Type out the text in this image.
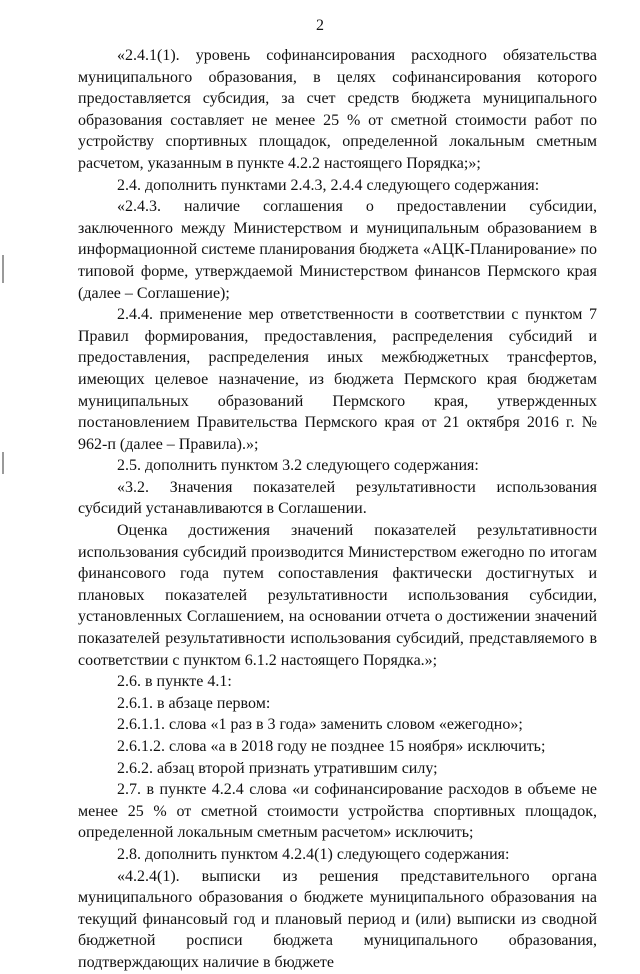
2

«2.4.1(1). уровень софинансирования расходного обязательства муниципального образования, в целях софинансирования которого предоставляется субсидия, за счет средств бюджета муниципального образования составляет не менее 25 % от сметной стоимости работ по устройству спортивных площадок, определенной локальным сметным расчетом, указанным в пункте 4.2.2 настоящего Порядка;»;

2.4. дополнить пунктами 2.4.3, 2.4.4 следующего содержания:

«2.4.3. наличие соглашения о предоставлении субсидии, заключенного между Министерством и муниципальным образованием в информационной системе планирования бюджета «АЦК-Планирование» по типовой форме, утверждаемой Министерством финансов Пермского края (далее – Соглашение);

2.4.4. применение мер ответственности в соответствии с пунктом 7 Правил формирования, предоставления, распределения субсидий и предоставления, распределения иных межбюджетных трансфертов, имеющих целевое назначение, из бюджета Пермского края бюджетам муниципальных образований Пермского края, утвержденных постановлением Правительства Пермского края от 21 октября 2016 г. № 962-п (далее – Правила).»;

2.5. дополнить пунктом 3.2 следующего содержания:

«3.2. Значения показателей результативности использования субсидий устанавливаются в Соглашении.

Оценка достижения значений показателей результативности использования субсидий производится Министерством ежегодно по итогам финансового года путем сопоставления фактически достигнутых и плановых показателей результативности использования субсидии, установленных Соглашением, на основании отчета о достижении значений показателей результативности использования субсидий, представляемого в соответствии с пунктом 6.1.2 настоящего Порядка.»;

2.6. в пункте 4.1:

2.6.1. в абзаце первом:

2.6.1.1. слова «1 раз в 3 года» заменить словом «ежегодно»;

2.6.1.2. слова «а в 2018 году не позднее 15 ноября» исключить;

2.6.2. абзац второй признать утратившим силу;

2.7. в пункте 4.2.4 слова «и софинансирование расходов в объеме не менее 25 % от сметной стоимости устройства спортивных площадок, определенной локальным сметным расчетом» исключить;

2.8. дополнить пунктом 4.2.4(1) следующего содержания:

«4.2.4(1). выписки из решения представительного органа муниципального образования о бюджете муниципального образования на текущий финансовый год и плановый период и (или) выписки из сводной бюджетной росписи бюджета муниципального образования, подтверждающих наличие в бюджете
